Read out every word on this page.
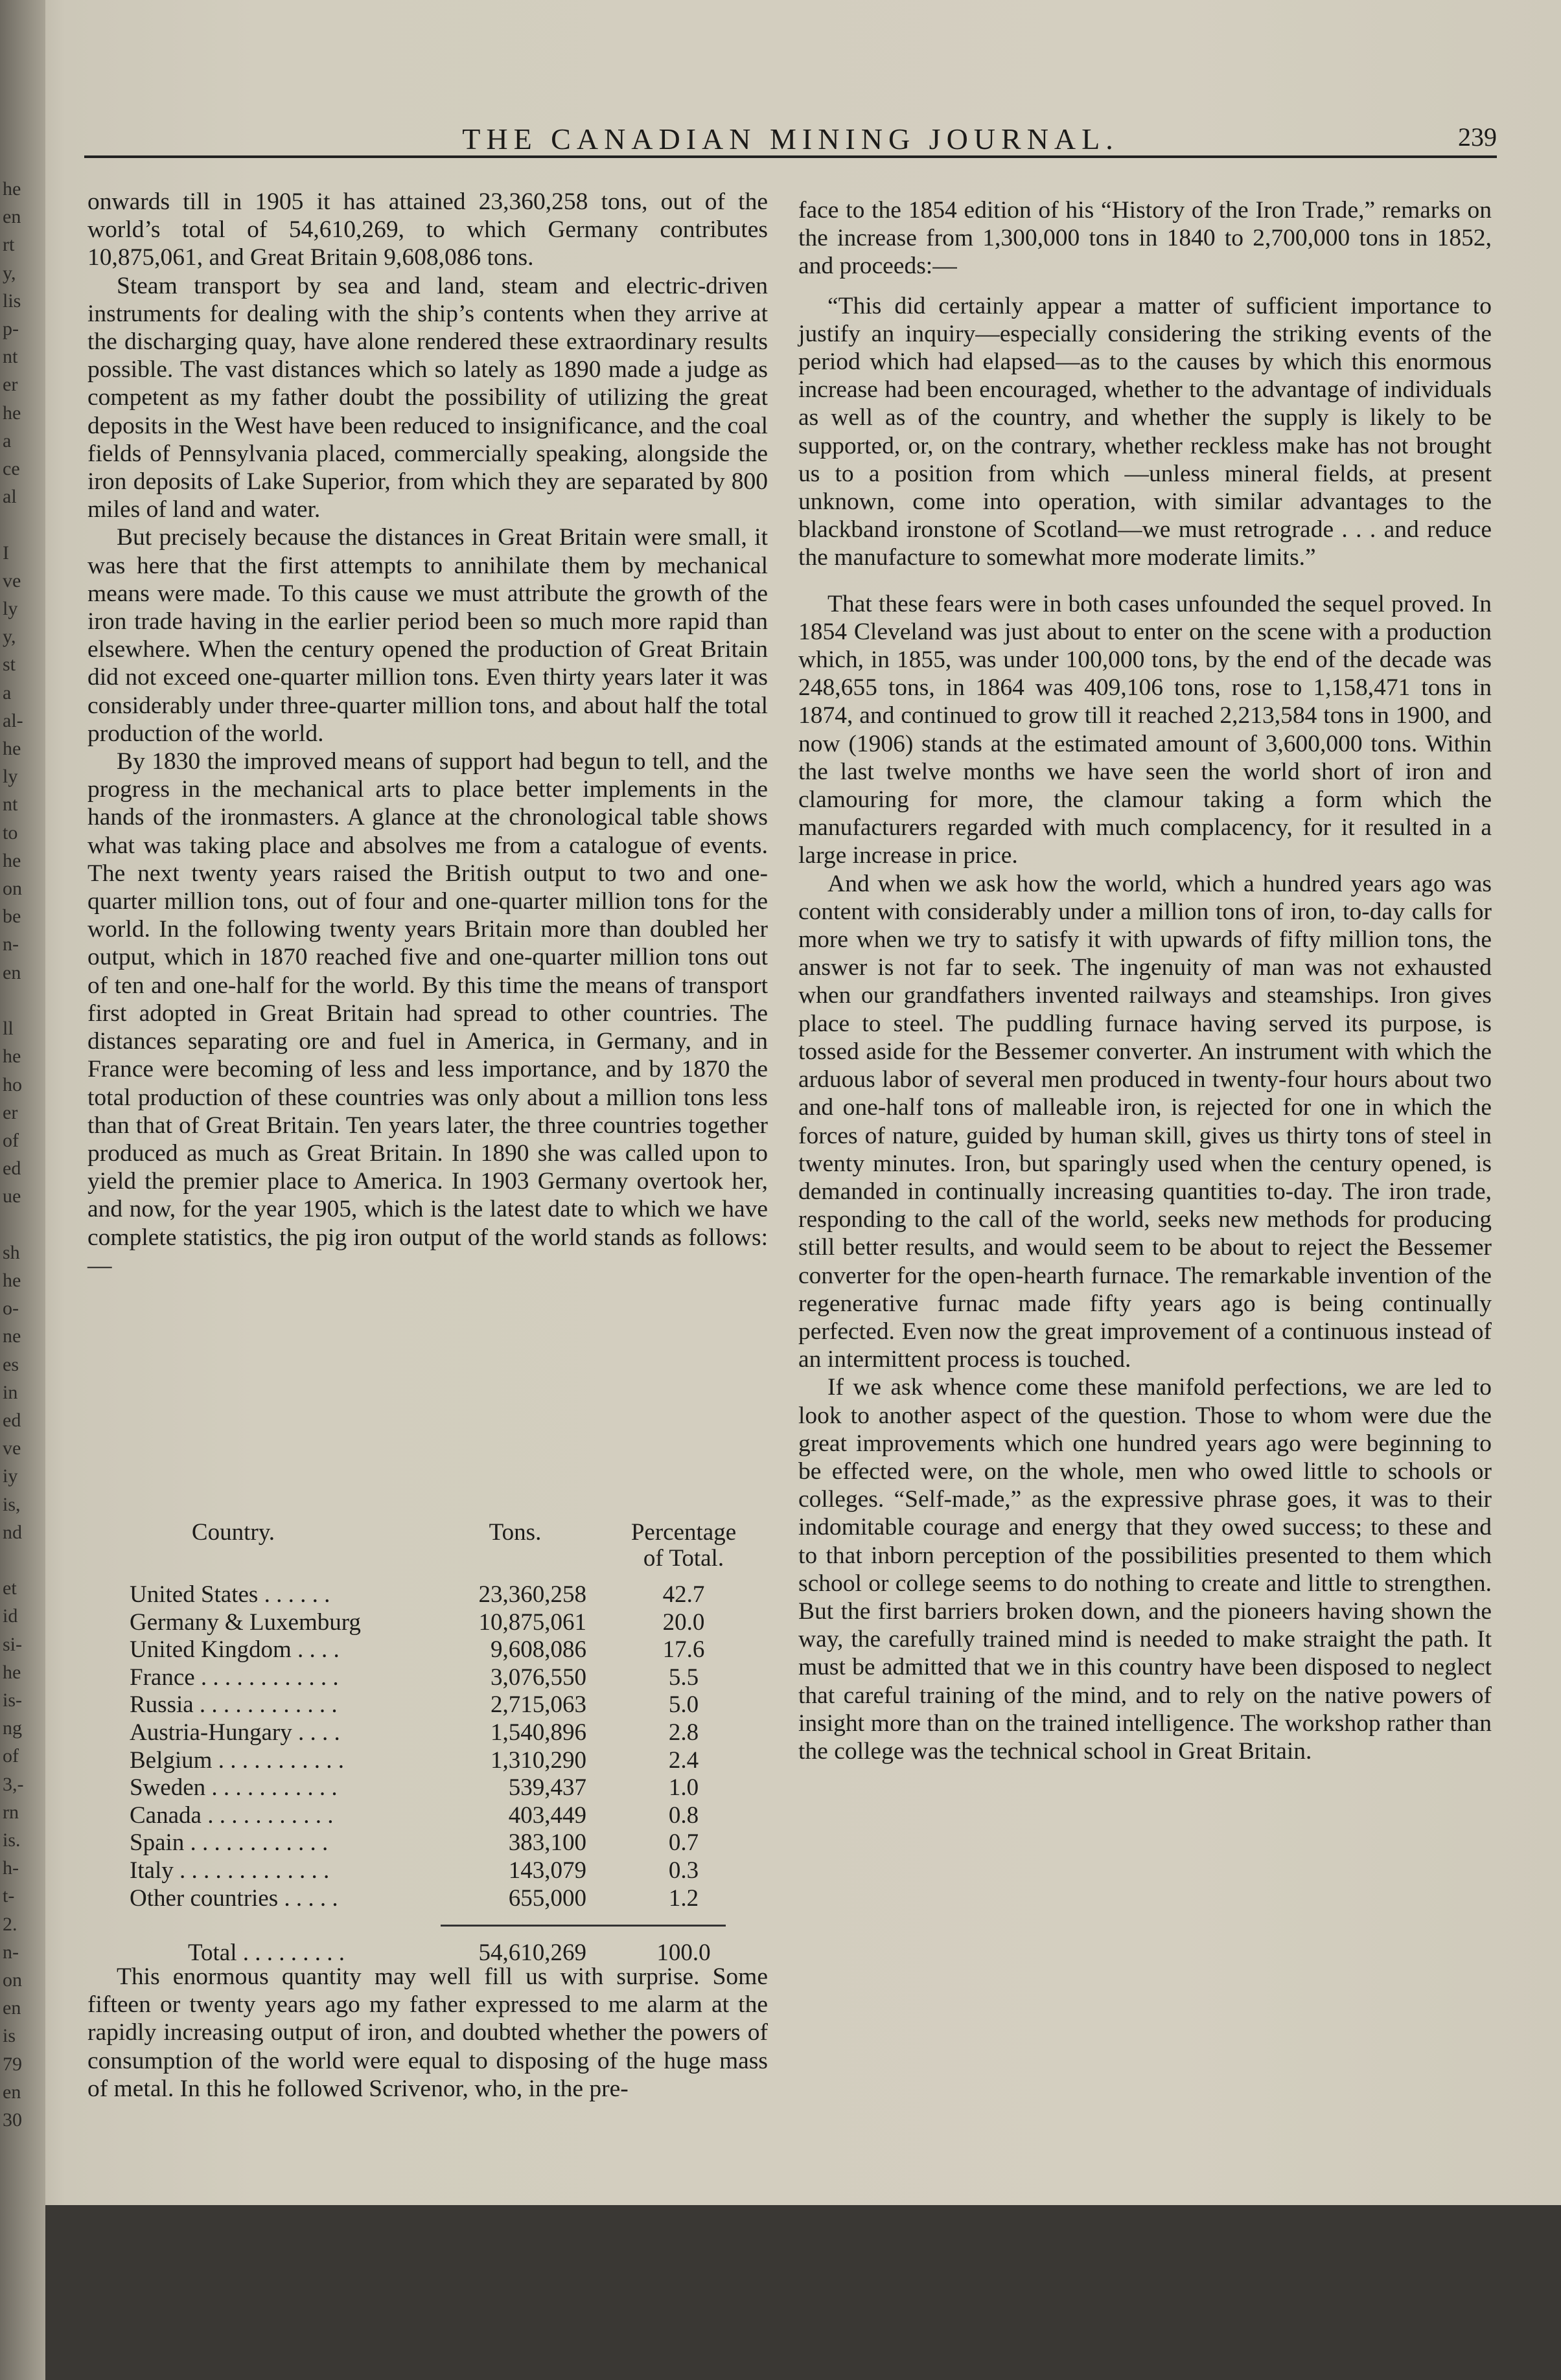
he
en
rt
y,
lis
p-
nt
er
he
a
ce
al

I
ve
ly
y,
st
a
al-
he
ly
nt
to
he
on
be
n-
en

ll
he
ho
er
of
ed
ue

sh
he
o-
ne
es
in
ed
ve
iy
is,
nd

et
id
si-
he
is-
ng
of
3,-
rn
is.
h-
t-
2.
n-
on
en
is
79
en
30
THE CANADIAN MINING JOURNAL.	239

onwards till in 1905 it has attained 23,360,258 tons, out of the world’s total of 54,610,269, to which Germany contributes 10,875,061, and Great Britain 9,608,086 tons.

Steam transport by sea and land, steam and electric-driven instruments for dealing with the ship’s contents when they arrive at the discharging quay, have alone rendered these extraordinary results possible. The vast distances which so lately as 1890 made a judge as competent as my father doubt the possibility of utilizing the great deposits in the West have been reduced to insignificance, and the coal fields of Pennsylvania placed, commercially speaking, alongside the iron deposits of Lake Superior, from which they are separated by 800 miles of land and water.

But precisely because the distances in Great Britain were small, it was here that the first attempts to annihilate them by mechanical means were made. To this cause we must attribute the growth of the iron trade having in the earlier period been so much more rapid than elsewhere. When the century opened the production of Great Britain did not exceed one-quarter million tons. Even thirty years later it was considerably under three-quarter million tons, and about half the total production of the world.

By 1830 the improved means of support had begun to tell, and the progress in the mechanical arts to place better implements in the hands of the ironmasters. A glance at the chronological table shows what was taking place and absolves me from a catalogue of events. The next twenty years raised the British output to two and one-quarter million tons, out of four and one-quarter million tons for the world. In the following twenty years Britain more than doubled her output, which in 1870 reached five and one-quarter million tons out of ten and one-half for the world. By this time the means of transport first adopted in Great Britain had spread to other countries. The distances separating ore and fuel in America, in Germany, and in France were becoming of less and less importance, and by 1870 the total production of these countries was only about a million tons less than that of Great Britain. Ten years later, the three countries together produced as much as Great Britain. In 1890 she was called upon to yield the premier place to America. In 1903 Germany overtook her, and now, for the year 1905, which is the latest date to which we have complete statistics, the pig iron output of the world stands as follows:—

Country.	Tons.	Percentage
of Total.
United States . . . . . .	23,360,258	42.7
Germany & Luxemburg	10,875,061	20.0
United Kingdom . . . .	9,608,086	17.6
France . . . . . . . . . . . .	3,076,550	5.5
Russia . . . . . . . . . . . .	2,715,063	5.0
Austria-Hungary . . . .	1,540,896	2.8
Belgium . . . . . . . . . . .	1,310,290	2.4
Sweden . . . . . . . . . . .	539,437	1.0
Canada . . . . . . . . . . .	403,449	0.8
Spain . . . . . . . . . . . .	383,100	0.7
Italy . . . . . . . . . . . . .	143,079	0.3
Other countries . . . . .	655,000	1.2
Total . . . . . . . . .	54,610,269	100.0

This enormous quantity may well fill us with surprise. Some fifteen or twenty years ago my father expressed to me alarm at the rapidly increasing output of iron, and doubted whether the powers of consumption of the world were equal to disposing of the huge mass of metal. In this he followed Scrivenor, who, in the pre-

face to the 1854 edition of his “History of the Iron Trade,” remarks on the increase from 1,300,000 tons in 1840 to 2,700,000 tons in 1852, and proceeds:—

“This did certainly appear a matter of sufficient importance to justify an inquiry—especially considering the striking events of the period which had elapsed—as to the causes by which this enormous increase had been encouraged, whether to the advantage of individuals as well as of the country, and whether the supply is likely to be supported, or, on the contrary, whether reckless make has not brought us to a position from which —unless mineral fields, at present unknown, come into operation, with similar advantages to the blackband ironstone of Scotland—we must retrograde . . . and reduce the manufacture to somewhat more moderate limits.”

That these fears were in both cases unfounded the sequel proved. In 1854 Cleveland was just about to enter on the scene with a production which, in 1855, was under 100,000 tons, by the end of the decade was 248,655 tons, in 1864 was 409,106 tons, rose to 1,158,471 tons in 1874, and continued to grow till it reached 2,213,584 tons in 1900, and now (1906) stands at the estimated amount of 3,600,000 tons. Within the last twelve months we have seen the world short of iron and clamouring for more, the clamour taking a form which the manufacturers regarded with much complacency, for it resulted in a large increase in price.

And when we ask how the world, which a hundred years ago was content with considerably under a million tons of iron, to-day calls for more when we try to satisfy it with upwards of fifty million tons, the answer is not far to seek. The ingenuity of man was not exhausted when our grandfathers invented railways and steamships. Iron gives place to steel. The puddling furnace having served its purpose, is tossed aside for the Bessemer converter. An instrument with which the arduous labor of several men produced in twenty-four hours about two and one-half tons of malleable iron, is rejected for one in which the forces of nature, guided by human skill, gives us thirty tons of steel in twenty minutes. Iron, but sparingly used when the century opened, is demanded in continually increasing quantities to-day. The iron trade, responding to the call of the world, seeks new methods for producing still better results, and would seem to be about to reject the Bessemer converter for the open-hearth furnace. The remarkable invention of the regenerative furnac made fifty years ago is being continually perfected. Even now the great improvement of a continuous instead of an intermittent process is touched.

If we ask whence come these manifold perfections, we are led to look to another aspect of the question. Those to whom were due the great improvements which one hundred years ago were beginning to be effected were, on the whole, men who owed little to schools or colleges. “Self-made,” as the expressive phrase goes, it was to their indomitable courage and energy that they owed success; to these and to that inborn perception of the possibilities presented to them which school or college seems to do nothing to create and little to strengthen. But the first barriers broken down, and the pioneers having shown the way, the carefully trained mind is needed to make straight the path. It must be admitted that we in this country have been disposed to neglect that careful training of the mind, and to rely on the native powers of insight more than on the trained intelligence. The workshop rather than the college was the technical school in Great Britain.
